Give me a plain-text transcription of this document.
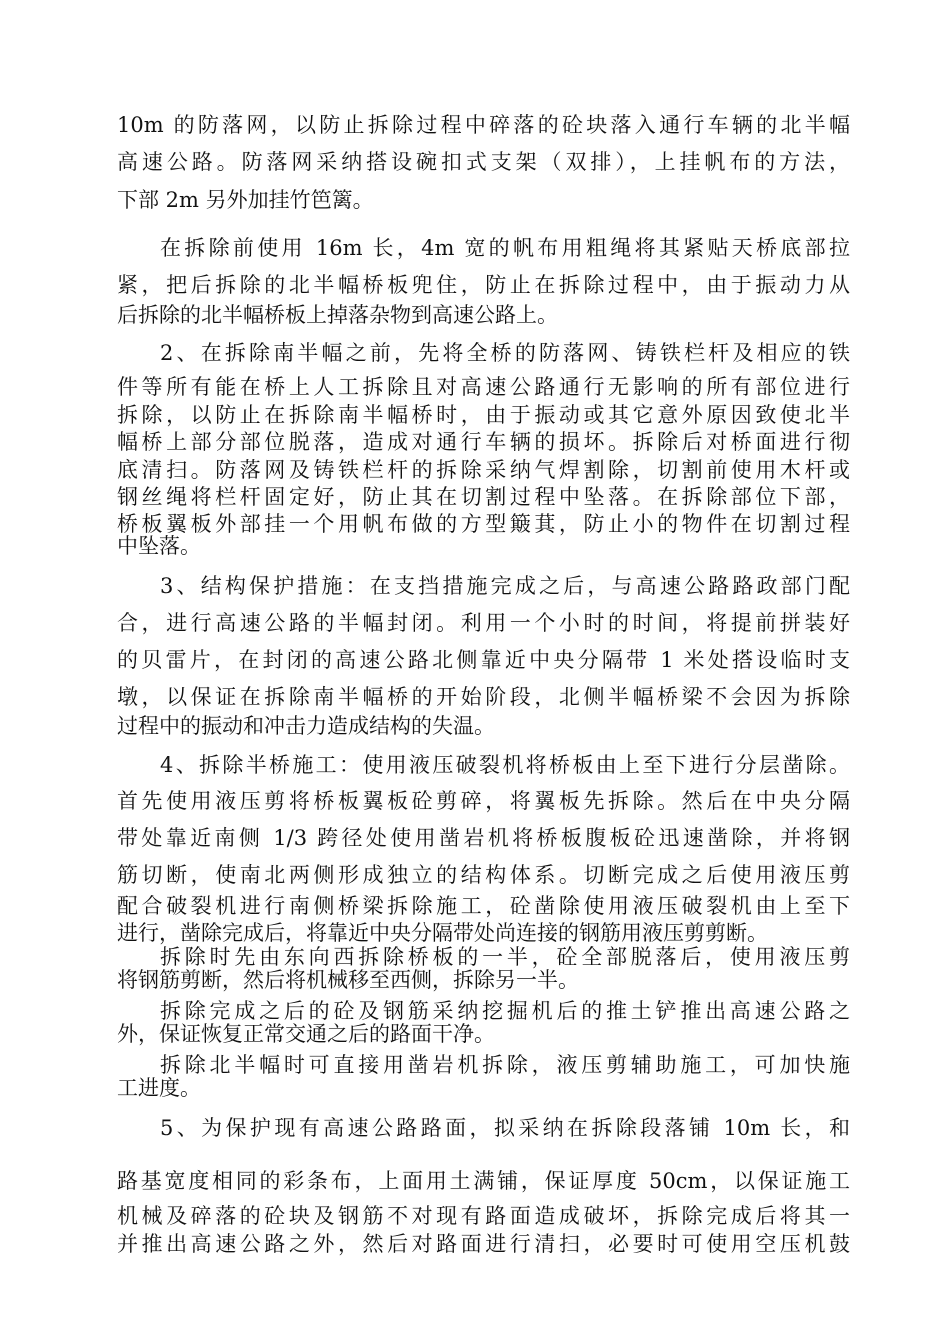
10m 的防落网，以防止拆除过程中碎落的砼块落入通行车辆的北半幅
高速公路。防落网采纳搭设碗扣式支架（双排），上挂帆布的方法，
下部 2m 另外加挂竹笆篱。
在拆除前使用 16m 长，4m 宽的帆布用粗绳将其紧贴天桥底部拉
紧，把后拆除的北半幅桥板兜住，防止在拆除过程中，由于振动力从
后拆除的北半幅桥板上掉落杂物到高速公路上。
2、在拆除南半幅之前，先将全桥的防落网、铸铁栏杆及相应的铁
件等所有能在桥上人工拆除且对高速公路通行无影响的所有部位进行
拆除，以防止在拆除南半幅桥时，由于振动或其它意外原因致使北半
幅桥上部分部位脱落，造成对通行车辆的损坏。拆除后对桥面进行彻
底清扫。防落网及铸铁栏杆的拆除采纳气焊割除，切割前使用木杆或
钢丝绳将栏杆固定好，防止其在切割过程中坠落。在拆除部位下部，
桥板翼板外部挂一个用帆布做的方型簸萁，防止小的物件在切割过程
中坠落。
3、结构保护措施：在支挡措施完成之后，与高速公路路政部门配
合，进行高速公路的半幅封闭。利用一个小时的时间，将提前拼装好
的贝雷片，在封闭的高速公路北侧靠近中央分隔带 1 米处搭设临时支
墩，以保证在拆除南半幅桥的开始阶段，北侧半幅桥梁不会因为拆除
过程中的振动和冲击力造成结构的失温。
4、拆除半桥施工：使用液压破裂机将桥板由上至下进行分层凿除。
首先使用液压剪将桥板翼板砼剪碎，将翼板先拆除。然后在中央分隔
带处靠近南侧 1/3 跨径处使用凿岩机将桥板腹板砼迅速凿除，并将钢
筋切断，使南北两侧形成独立的结构体系。切断完成之后使用液压剪
配合破裂机进行南侧桥梁拆除施工，砼凿除使用液压破裂机由上至下
进行，凿除完成后，将靠近中央分隔带处尚连接的钢筋用液压剪剪断。
拆除时先由东向西拆除桥板的一半，砼全部脱落后，使用液压剪
将钢筋剪断，然后将机械移至西侧，拆除另一半。
拆除完成之后的砼及钢筋采纳挖掘机后的推土铲推出高速公路之
外，保证恢复正常交通之后的路面干净。
拆除北半幅时可直接用凿岩机拆除，液压剪辅助施工，可加快施
工进度。
5、为保护现有高速公路路面，拟采纳在拆除段落铺 10m 长，和
路基宽度相同的彩条布，上面用土满铺，保证厚度 50cm，以保证施工
机械及碎落的砼块及钢筋不对现有路面造成破坏，拆除完成后将其一
并推出高速公路之外，然后对路面进行清扫，必要时可使用空压机鼓
